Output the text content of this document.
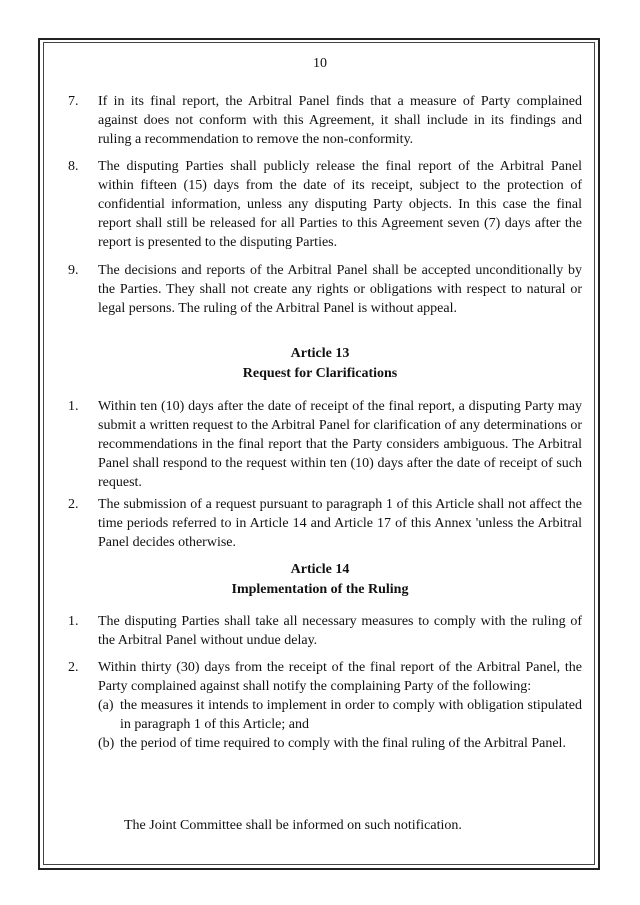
10
7.	If in its final report, the Arbitral Panel finds that a measure of Party complained against does not conform with this Agreement, it shall include in its findings and ruling a recommendation to remove the non-conformity.

8.	The disputing Parties shall publicly release the final report of the Arbitral Panel within fifteen (15) days from the date of its receipt, subject to the protection of confidential information, unless any disputing Party objects. In this case the final report shall still be released for all Parties to this Agreement seven (7) days after the report is presented to the disputing Parties.

9.	The decisions and reports of the Arbitral Panel shall be accepted unconditionally by the Parties. They shall not create any rights or obligations with respect to natural or legal persons. The ruling of the Arbitral Panel is without appeal.

Article 13
Request for Clarifications
1.	Within ten (10) days after the date of receipt of the final report, a disputing Party may submit a written request to the Arbitral Panel for clarification of any determinations or recommendations in the final report that the Party considers ambiguous. The Arbitral Panel shall respond to the request within ten (10) days after the date of receipt of such request.

2.	The submission of a request pursuant to paragraph 1 of this Article shall not affect the time periods referred to in Article 14 and Article 17 of this Annex 'unless the Arbitral Panel decides otherwise.

Article 14
Implementation of the Ruling
1.	The disputing Parties shall take all necessary measures to comply with the ruling of the Arbitral Panel without undue delay.

2.	Within thirty (30) days from the receipt of the final report of the Arbitral Panel, the Party complained against shall notify the complaining Party of the following:

(a) the measures it intends to implement in order to comply with obligation stipulated in paragraph 1 of this Article; and
(b) the period of time required to comply with the final ruling of the Arbitral Panel.
The Joint Committee shall be informed on such notification.
